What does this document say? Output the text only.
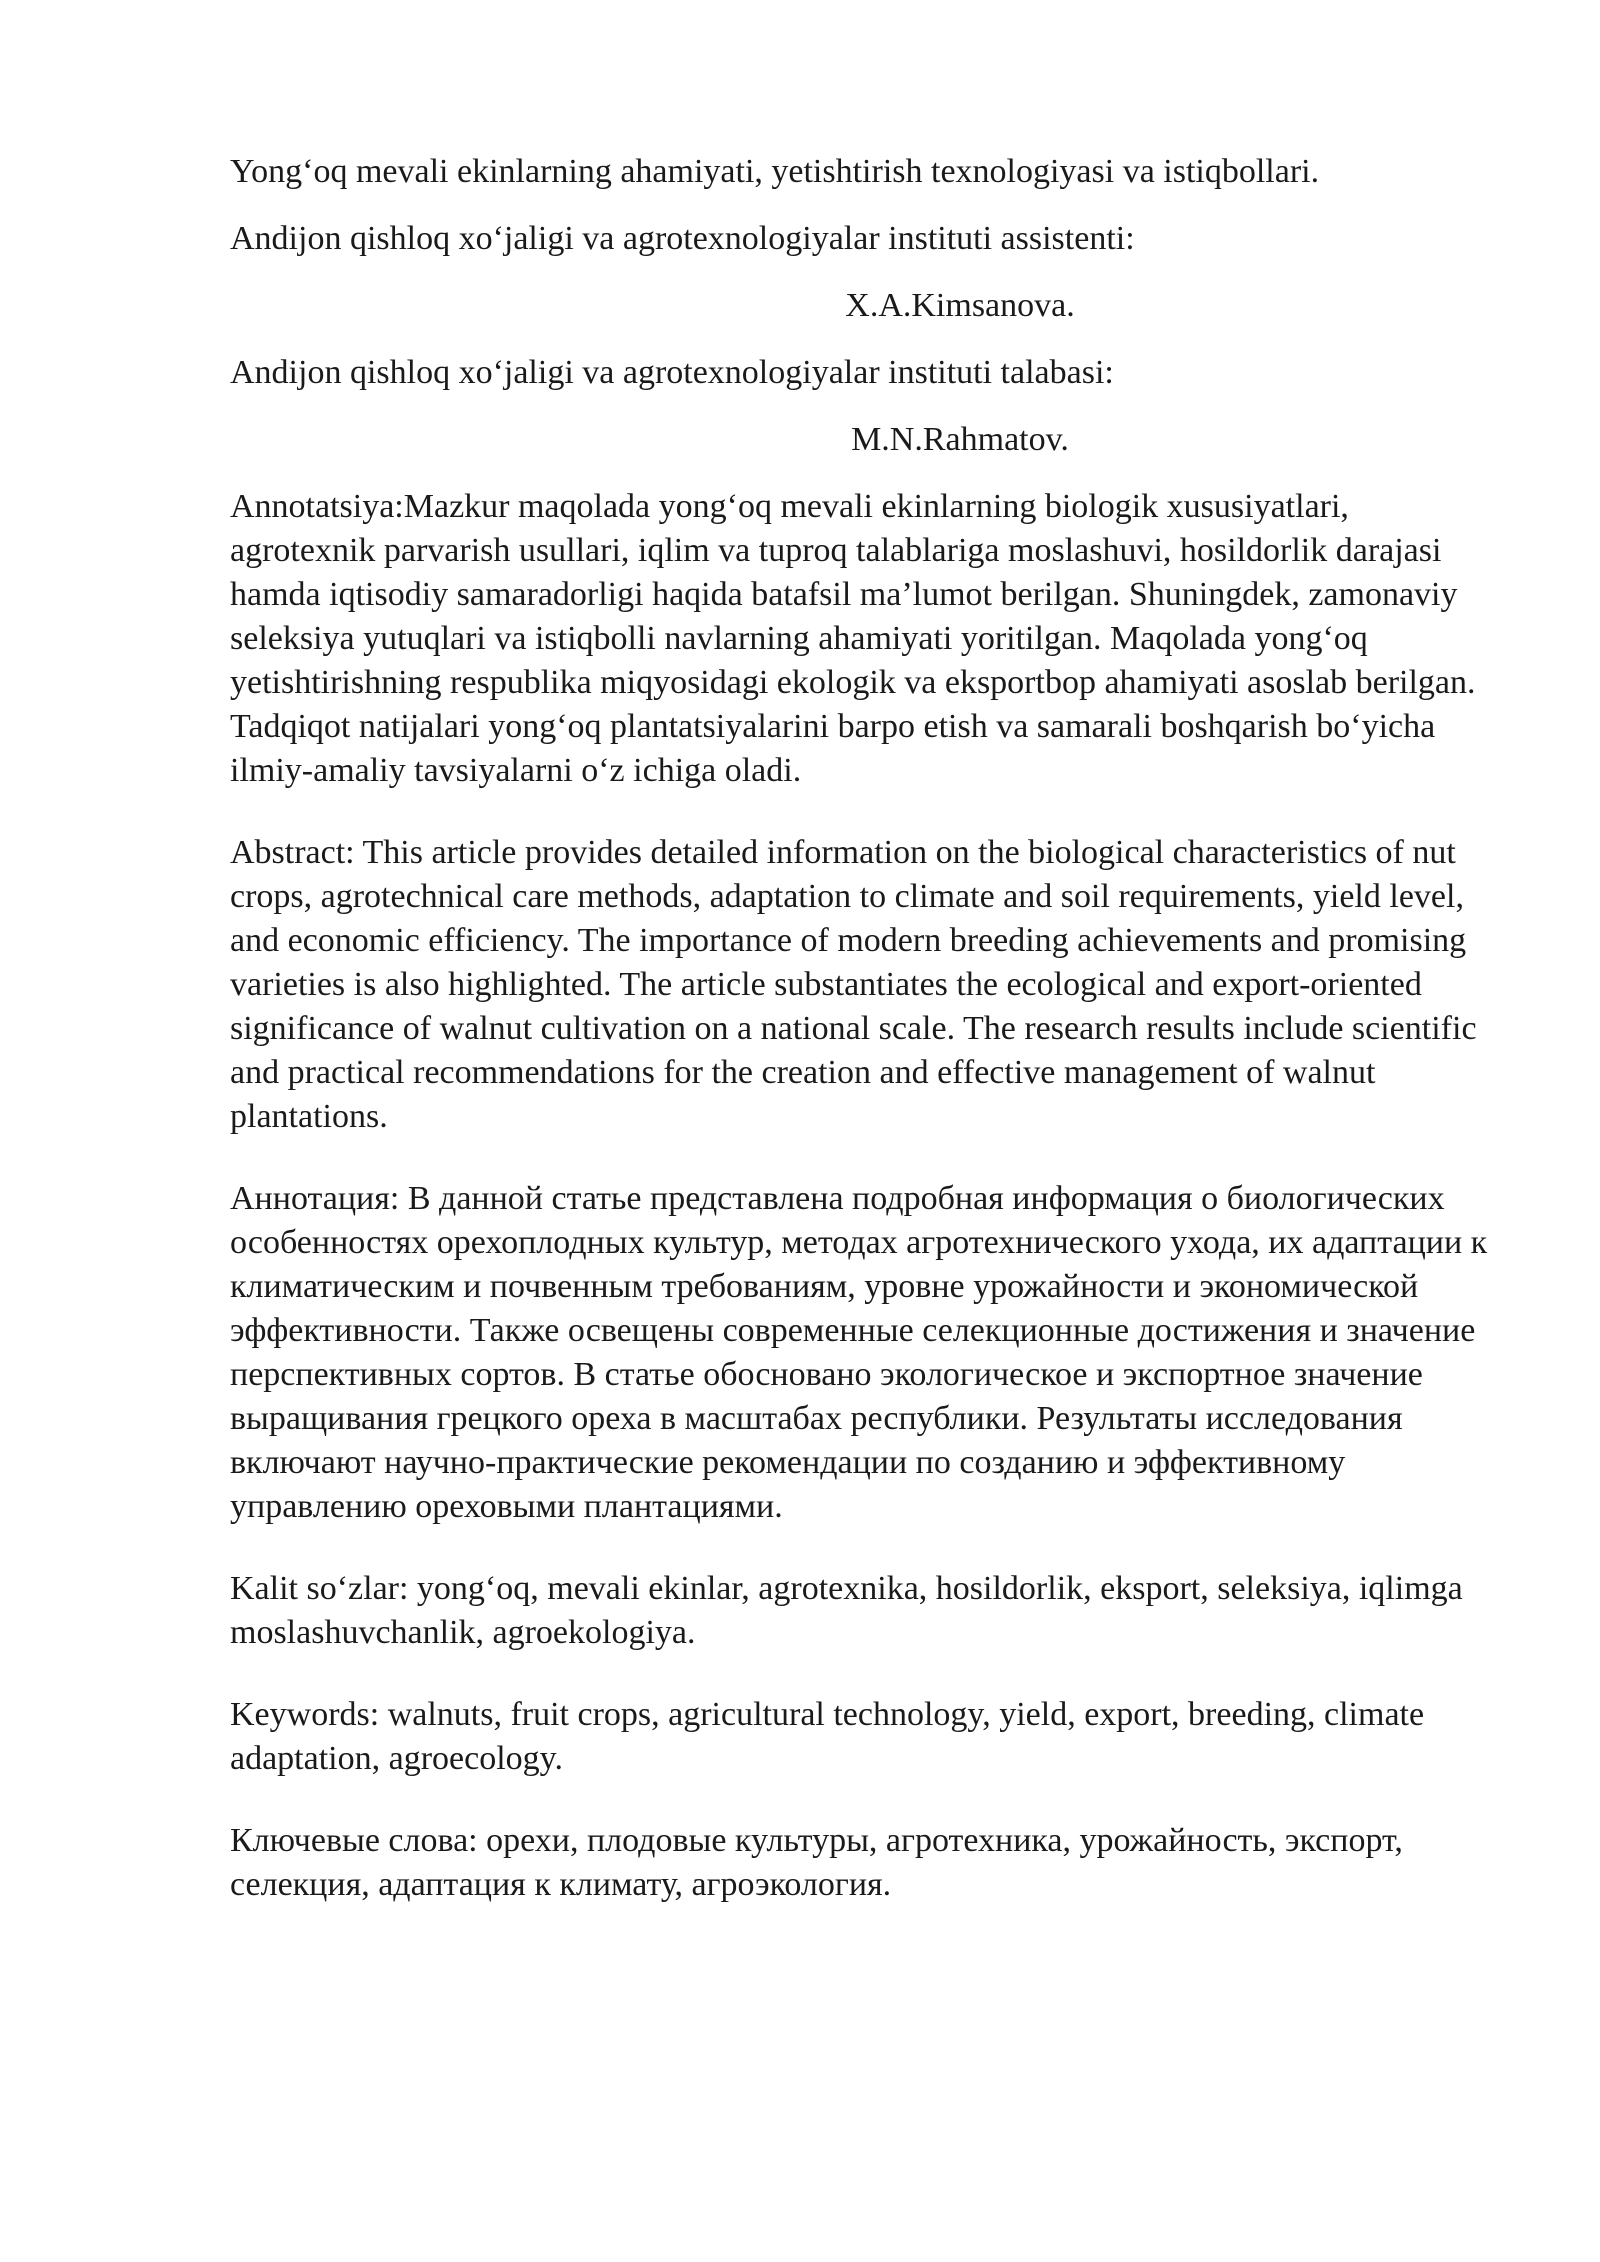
Yong‘oq mevali ekinlarning ahamiyati, yetishtirish texnologiyasi va istiqbollari.

Andijon qishloq xo‘jaligi va agrotexnologiyalar instituti assistenti:

X.A.Kimsanova.

Andijon qishloq xo‘jaligi va agrotexnologiyalar instituti talabasi:

M.N.Rahmatov.

Annotatsiya:Mazkur maqolada yong‘oq mevali ekinlarning biologik xususiyatlari, agrotexnik parvarish usullari, iqlim va tuproq talablariga moslashuvi, hosildorlik darajasi hamda iqtisodiy samaradorligi haqida batafsil ma’lumot berilgan. Shuningdek, zamonaviy seleksiya yutuqlari va istiqbolli navlarning ahamiyati yoritilgan. Maqolada yong‘oq yetishtirishning respublika miqyosidagi ekologik va eksportbop ahamiyati asoslab berilgan. Tadqiqot natijalari yong‘oq plantatsiyalarini barpo etish va samarali boshqarish bo‘yicha ilmiy-amaliy tavsiyalarni o‘z ichiga oladi.

Abstract: This article provides detailed information on the biological characteristics of nut crops, agrotechnical care methods, adaptation to climate and soil requirements, yield level, and economic efficiency. The importance of modern breeding achievements and promising varieties is also highlighted. The article substantiates the ecological and export-oriented significance of walnut cultivation on a national scale. The research results include scientific and practical recommendations for the creation and effective management of walnut plantations.

Аннотация: В данной статье представлена подробная информация о биологических особенностях орехоплодных культур, методах агротехнического ухода, их адаптации к климатическим и почвенным требованиям, уровне урожайности и экономической эффективности. Также освещены современные селекционные достижения и значение перспективных сортов. В статье обосновано экологическое и экспортное значение выращивания грецкого ореха в масштабах республики. Результаты исследования включают научно-практические рекомендации по созданию и эффективному управлению ореховыми плантациями.

Kalit so‘zlar: yong‘oq, mevali ekinlar, agrotexnika, hosildorlik, eksport, seleksiya, iqlimga moslashuvchanlik, agroekologiya.

Keywords: walnuts, fruit crops, agricultural technology, yield, export, breeding, climate adaptation, agroecology.

Ключевые слова: орехи, плодовые культуры, агротехника, урожайность, экспорт, селекция, адаптация к климату, агроэкология.
